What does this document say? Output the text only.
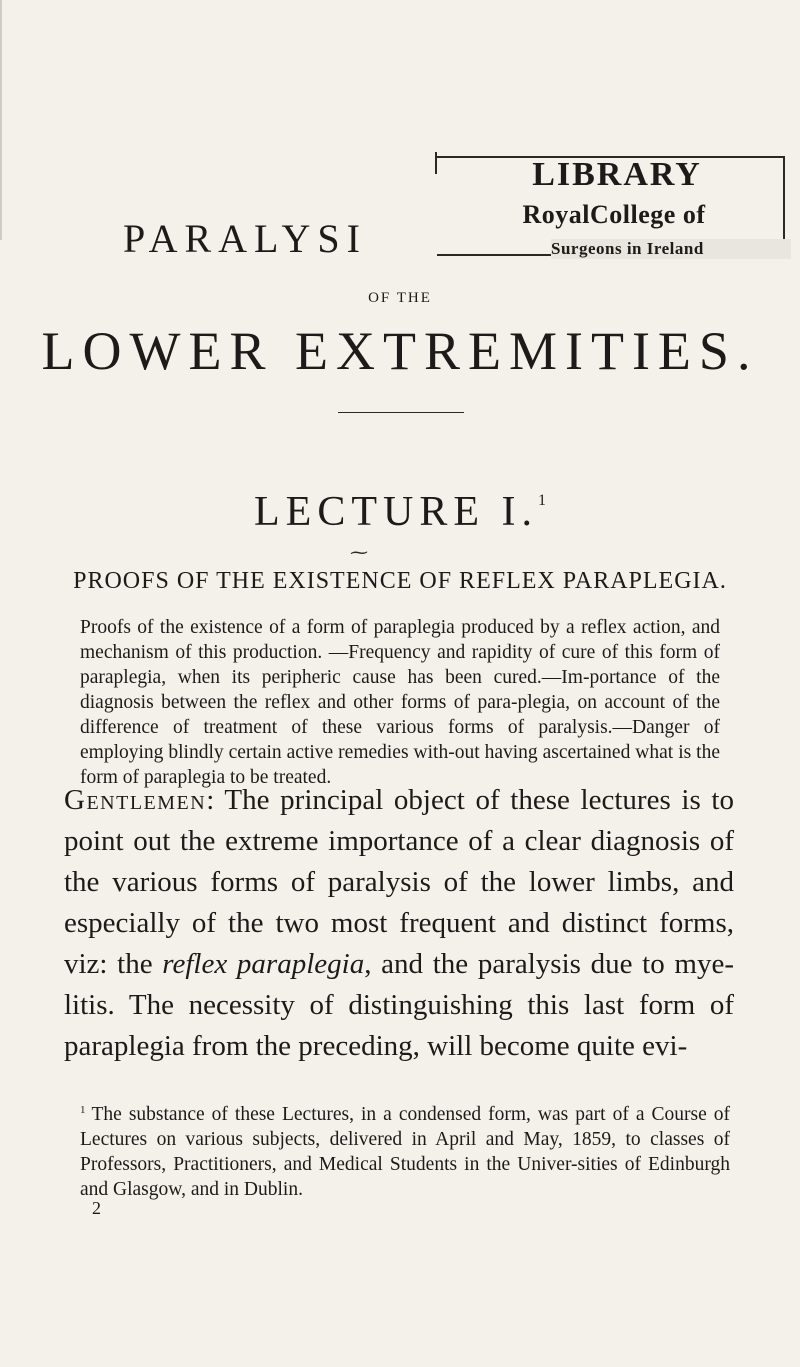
LIBRARY
RoyalCollege of
Surgeons in Ireland
PARALYSI
OF THE
LOWER EXTREMITIES.
LECTURE I.$^1$
⁓
PROOFS OF THE EXISTENCE OF REFLEX PARAPLEGIA.
Proofs of the existence of a form of paraplegia produced by a reflex action, and mechanism of this production. —Frequency and rapidity of cure of this form of paraplegia, when its peripheric cause has been cured.—Im-portance of the diagnosis between the reflex and other forms of para-plegia, on account of the difference of treatment of these various forms of paralysis.—Danger of employing blindly certain active remedies with-out having ascertained what is the form of paraplegia to be treated.
Gentlemen: The principal object of these lectures is to point out the extreme importance of a clear diagnosis of the various forms of paralysis of the lower limbs, and especially of the two most frequent and distinct forms, viz: the reflex paraplegia, and the paralysis due to mye-litis. The necessity of distinguishing this last form of paraplegia from the preceding, will become quite evi-
$^1$ The substance of these Lectures, in a condensed form, was part of a Course of Lectures on various subjects, delivered in April and May, 1859, to classes of Professors, Practitioners, and Medical Students in the Univer-sities of Edinburgh and Glasgow, and in Dublin.
2
